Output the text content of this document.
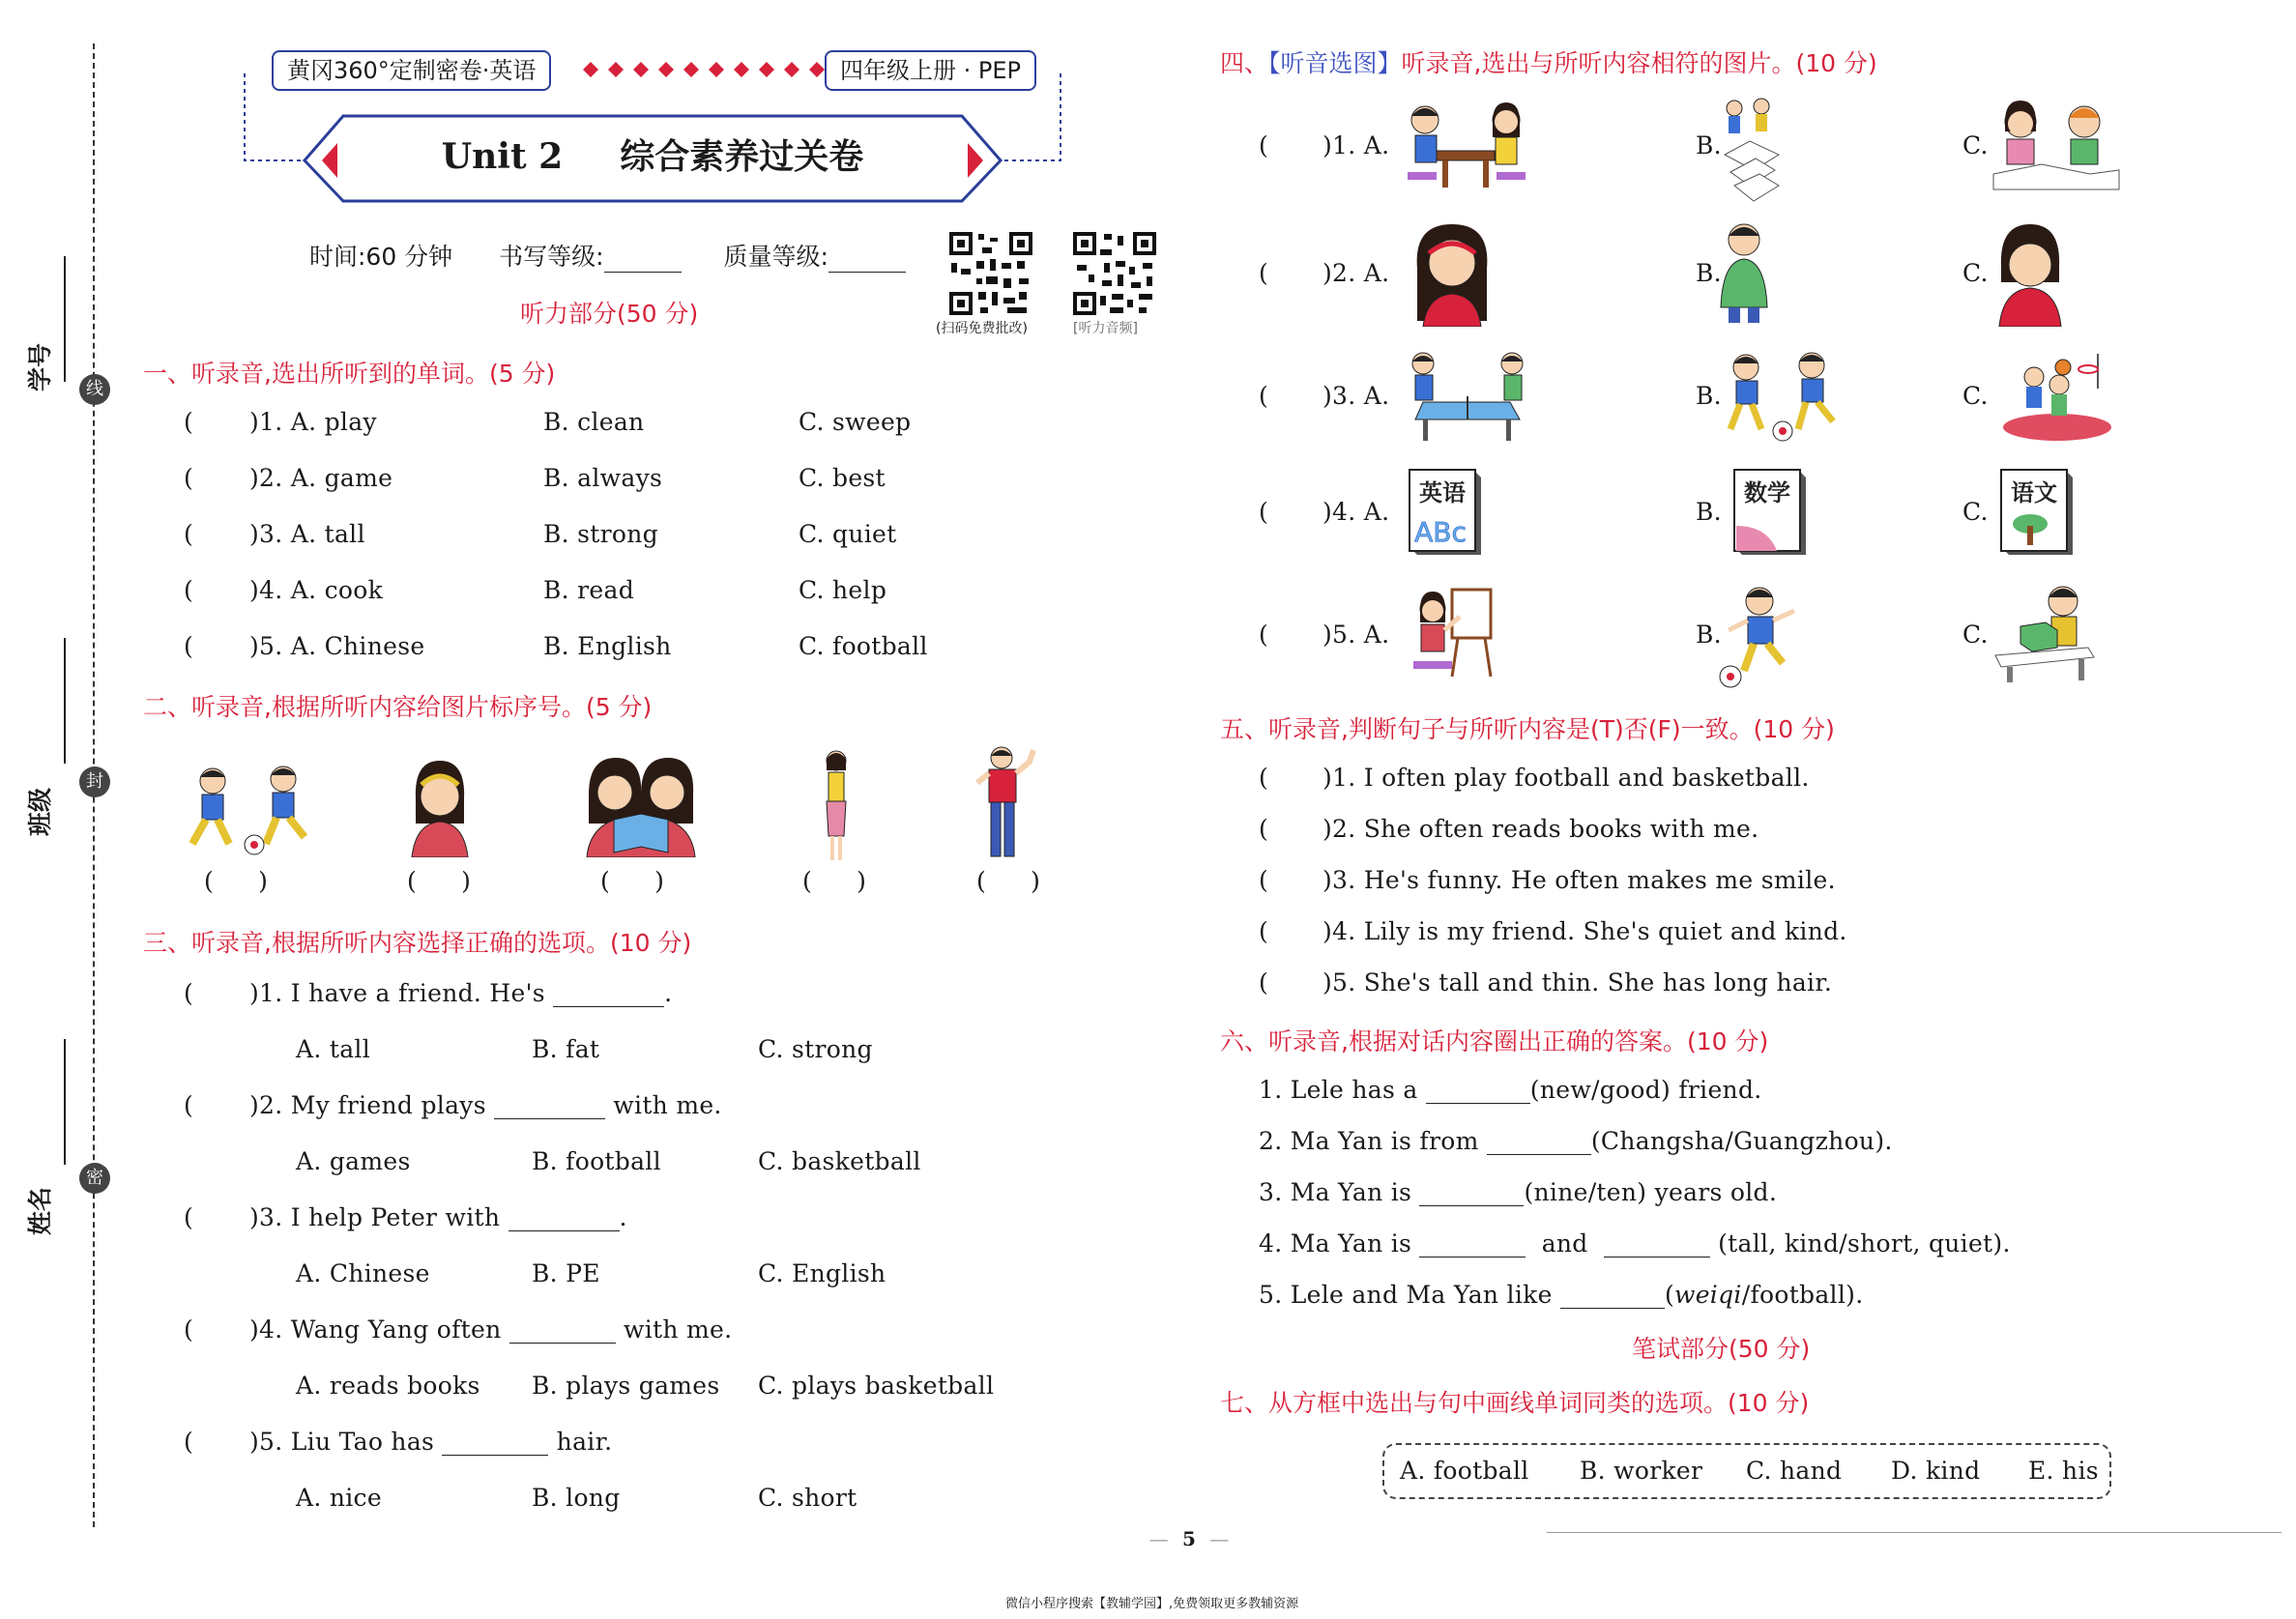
学号	线
班级
封
姓名
密
黄冈360°定制密卷·英语	四年级上册 · PEP
Unit 2 综合素养过关卷
时间:60 分钟 书写等级:	质量等级:
(扫码免费批改)	[听力音频]
听力部分(50 分)
一、听录音,选出所听到的单词。(5 分)
( )1. A. play	B. clean	C. sweep
( )2. A. game	B. always	C. best
( )3. A. tall	B. strong	C. quiet
( )4. A. cook	B. read	C. help
( )5. A. Chinese	B. English	C. football
二、听录音,根据所听内容给图片标序号。(5 分)
( )	( )	( )	( )	( )
三、听录音,根据所听内容选择正确的选项。(10 分)
( )1. I have a friend. He's	.
A. tall	B. fat	C. strong
( )2. My friend plays	with me.
A. games	B. football	C. basketball
( )3. I help Peter with	.
A. Chinese	B. PE	C. English
( )4. Wang Yang often	with me.
A. reads books B. plays games C. plays basketball
( )5. Liu Tao has	hair.
A. nice	B. long	C. short
四、【听音选图】听录音,选出与所听内容相符的图片。(10 分)
( )1. A.	B.	C.
( )2. A.	B.	C.
( )3. A.	B.	C.
( )4. A.	B.	C.
( )5. A.	B.	C.
英语
ABc
数学	语文
五、听录音,判断句子与所听内容是(T)否(F)一致。(10 分)
( )1. I often play football and basketball.
( )2. She often reads books with me.
( )3. He's funny. He often makes me smile.
( )4. Lily is my friend. She's quiet and kind.
( )5. She's tall and thin. She has long hair.
六、听录音,根据对话内容圈出正确的答案。(10 分)
1. Lele has a	(new/good) friend.
2. Ma Yan is from	(Changsha/Guangzhou).
3. Ma Yan is	(nine/ten) years old.
4. Ma Yan is	and	(tall, kind/short, quiet).
5. Lele and Ma Yan like	(weiqi/football).
笔试部分(50 分)
七、从方框中选出与句中画线单词同类的选项。(10 分)
A. football B. worker C. hand D. kind E. his
— 5 —
微信小程序搜索【教辅学园】,免费领取更多教辅资源
